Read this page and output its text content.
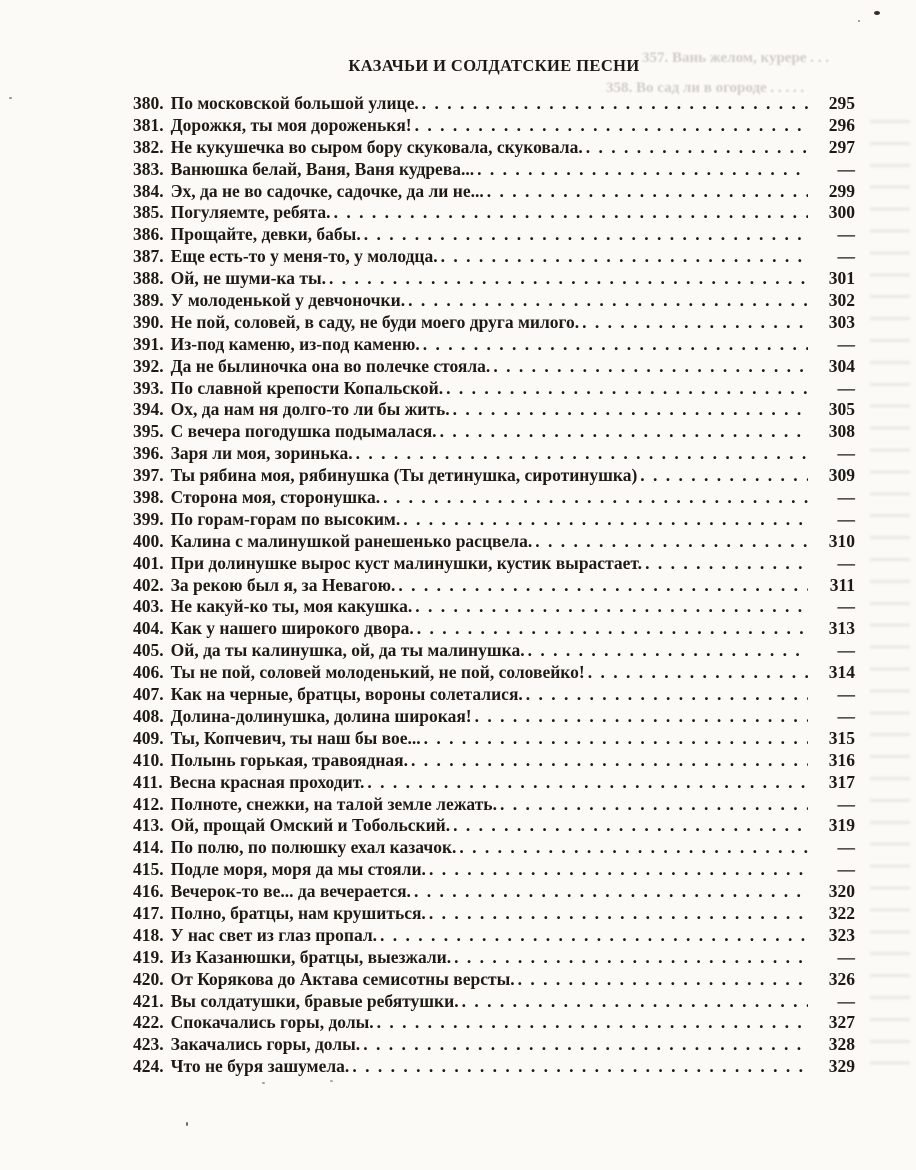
357. Вань желом, курере . . .
358. Во сад ли в огороде . . . . .
КАЗАЧЬИ И СОЛДАТСКИЕ ПЕСНИ
380. По московской большой улице. . . .	295
381. Дорожкя, ты моя дороженькя! . . .	296
382. Не кукушечка во сыром бору скуковала, скуковала. . . .	297
383. Ванюшка белай, Ваня, Ваня кудрева... . . .	—
384. Эх, да не во садочке, садочке, да ли не... . . .	299
385. Погуляемте, ребята. . . .	300
386. Прощайте, девки, бабы. . . .	—
387. Еще есть-то у меня-то, у молодца. . . .	—
388. Ой, не шуми-ка ты. . . .	301
389. У молоденькой у девчоночки. . . .	302
390. Не пой, соловей, в саду, не буди моего друга милого. . . .	303
391. Из-под каменю, из-под каменю. . . .	—
392. Да не былиночка она во полечке стояла. . . .	304
393. По славной крепости Копальской. . . .	—
394. Ох, да нам ня долго-то ли бы жить. . . .	305
395. С вечера погодушка подымалася. . . .	308
396. Заря ли моя, зоринька. . . .	—
397. Ты рябина моя, рябинушка (Ты детинушка, сиротинушка) . . .	309
398. Сторона моя, сторонушка. . . .	—
399. По горам-горам по высоким. . . .	—
400. Калина с малинушкой ранешенько расцвела. . . .	310
401. При долинушке вырос куст малинушки, кустик вырастает. . . .	—
402. За рекою был я, за Невагою. . . .	311
403. Не какуй-ко ты, моя какушка. . . .	—
404. Как у нашего широкого двора. . . .	313
405. Ой, да ты калинушка, ой, да ты малинушка. . . .	—
406. Ты не пой, соловей молоденький, не пой, соловейко! . . .	314
407. Как на черные, братцы, вороны солеталися. . . .	—
408. Долина-долинушка, долина широкая! . . .	—
409. Ты, Копчевич, ты наш бы вое... . . .	315
410. Полынь горькая, травоядная. . . .	316
411. Весна красная проходит. . . .	317
412. Полноте, снежки, на талой земле лежать. . . .	—
413. Ой, прощай Омский и Тобольский. . . .	319
414. По полю, по полюшку ехал казачок. . . .	—
415. Подле моря, моря да мы стояли. . . .	—
416. Вечерок-то ве... да вечерается. . . .	320
417. Полно, братцы, нам крушиться. . . .	322
418. У нас свет из глаз пропал. . . .	323
419. Из Казанюшки, братцы, выезжали. . . .	—
420. От Корякова до Актава семисотны версты. . . .	326
421. Вы солдатушки, бравые ребятушки. . . .	—
422. Спокачались горы, долы. . . .	327
423. Закачались горы, долы. . . .	328
424. Что не буря зашумела. . . .	329
